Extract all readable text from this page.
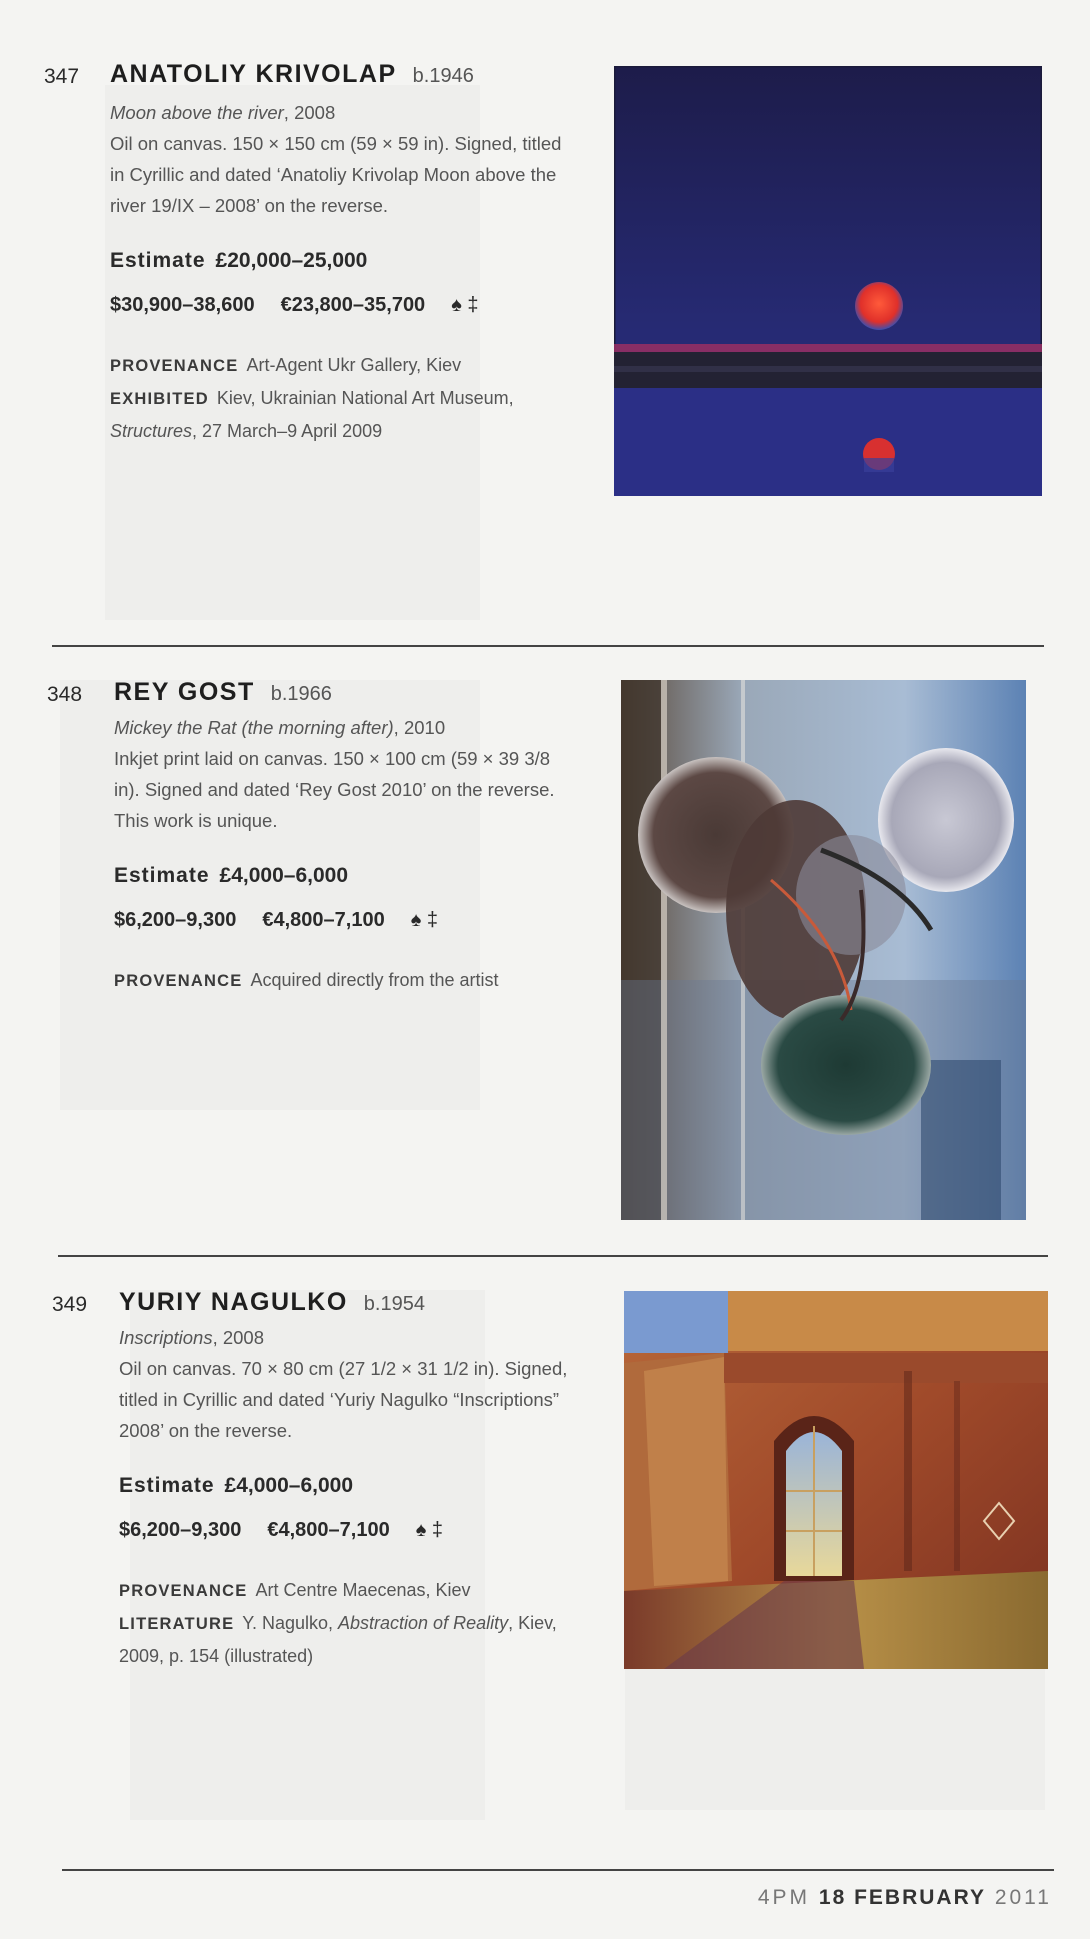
347 ANATOLIY KRIVOLAP b.1946
Moon above the river, 2008
Oil on canvas. 150 × 150 cm (59 × 59 in). Signed, titled in Cyrillic and dated ‘Anatoliy Krivolap Moon above the river 19/IX – 2008’ on the reverse.
Estimate £20,000–25,000
$30,900–38,600 €23,800–35,700 ♠ ‡
PROVENANCE Art-Agent Ukr Gallery, Kiev
EXHIBITED Kiev, Ukrainian National Art Museum, Structures, 27 March–9 April 2009
348 REY GOST b.1966
Mickey the Rat (the morning after), 2010
Inkjet print laid on canvas. 150 × 100 cm (59 × 39 3/8 in). Signed and dated ‘Rey Gost 2010’ on the reverse. This work is unique.
Estimate £4,000–6,000
$6,200–9,300 €4,800–7,100 ♠ ‡
PROVENANCE Acquired directly from the artist
349 YURIY NAGULKO b.1954
Inscriptions, 2008
Oil on canvas. 70 × 80 cm (27 1/2 × 31 1/2 in). Signed, titled in Cyrillic and dated ‘Yuriy Nagulko “Inscriptions” 2008’ on the reverse.
Estimate £4,000–6,000
$6,200–9,300 €4,800–7,100 ♠ ‡
PROVENANCE Art Centre Maecenas, Kiev
LITERATURE Y. Nagulko, Abstraction of Reality, Kiev, 2009, p. 154 (illustrated)
4PM 18 FEBRUARY 2011
